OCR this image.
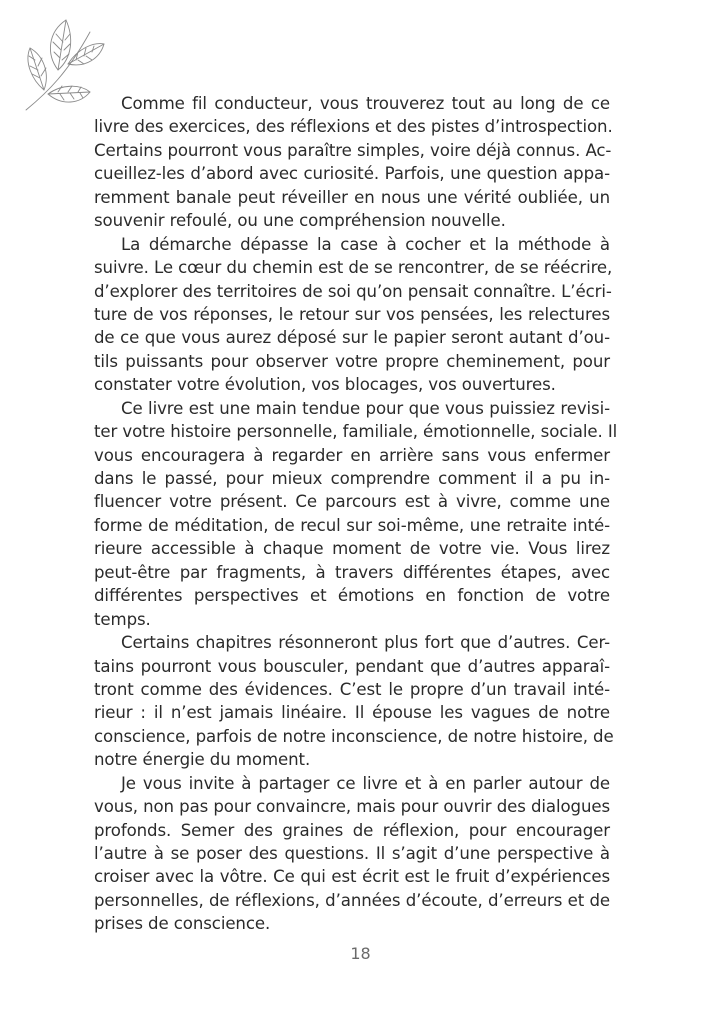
Comme fil conducteur, vous trouverez tout au long de ce
livre des exercices, des réflexions et des pistes d’introspection.
Certains pourront vous paraître simples, voire déjà connus. Ac-
cueillez-les d’abord avec curiosité. Parfois, une question appa-
remment banale peut réveiller en nous une vérité oubliée, un
souvenir refoulé, ou une compréhension nouvelle.
La démarche dépasse la case à cocher et la méthode à
suivre. Le cœur du chemin est de se rencontrer, de se réécrire,
d’explorer des territoires de soi qu’on pensait connaître. L’écri-
ture de vos réponses, le retour sur vos pensées, les relectures
de ce que vous aurez déposé sur le papier seront autant d’ou-
tils puissants pour observer votre propre cheminement, pour
constater votre évolution, vos blocages, vos ouvertures.
Ce livre est une main tendue pour que vous puissiez revisi-
ter votre histoire personnelle, familiale, émotionnelle, sociale. Il
vous encouragera à regarder en arrière sans vous enfermer
dans le passé, pour mieux comprendre comment il a pu in-
fluencer votre présent. Ce parcours est à vivre, comme une
forme de méditation, de recul sur soi-même, une retraite inté-
rieure accessible à chaque moment de votre vie. Vous lirez
peut-être par fragments, à travers différentes étapes, avec
différentes perspectives et émotions en fonction de votre
temps.
Certains chapitres résonneront plus fort que d’autres. Cer-
tains pourront vous bousculer, pendant que d’autres apparaî-
tront comme des évidences. C’est le propre d’un travail inté-
rieur : il n’est jamais linéaire. Il épouse les vagues de notre
conscience, parfois de notre inconscience, de notre histoire, de
notre énergie du moment.
Je vous invite à partager ce livre et à en parler autour de
vous, non pas pour convaincre, mais pour ouvrir des dialogues
profonds. Semer des graines de réflexion, pour encourager
l’autre à se poser des questions. Il s’agit d’une perspective à
croiser avec la vôtre. Ce qui est écrit est le fruit d’expériences
personnelles, de réflexions, d’années d’écoute, d’erreurs et de
prises de conscience.
18
